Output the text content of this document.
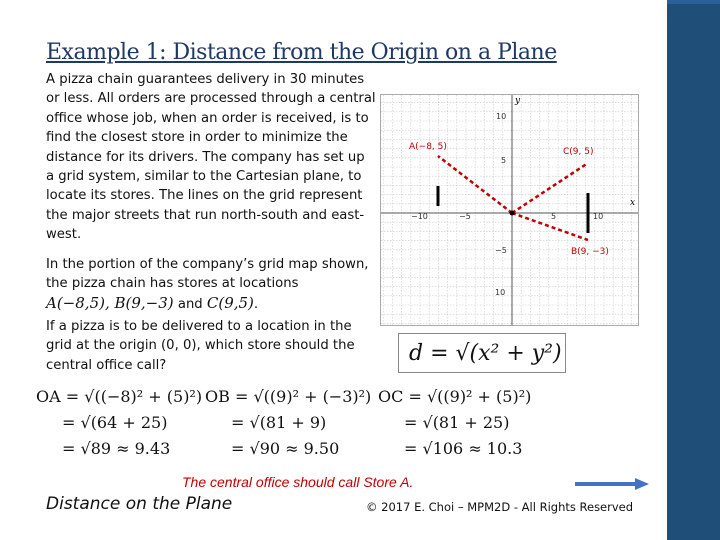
Example 1: Distance from the Origin on a Plane
A pizza chain guarantees delivery in 30 minutes or less. All orders are processed through a central office whose job, when an order is received, is to find the closest store in order to minimize the distance for its drivers. The company has set up a grid system, similar to the Cartesian plane, to locate its stores. The lines on the grid represent the major streets that run north-south and east-west.
In the portion of the company’s grid map shown, the pizza chain has stores at locations
A(−8,5), B(9,−3) and C(9,5).
If a pizza is to be delivered to a location in the grid at the origin (0, 0), which store should the central office call?
x
y
−10	−5	5	10
10
5
−5
10
A(−8, 5)	C(9, 5)
B(9, −3)
d = √(x² + y²)
OA = √((−8)² + (5)²)
= √(64 + 25)
= √89 ≈ 9.43
OB = √((9)² + (−3)²)
= √(81 + 9)
= √90 ≈ 9.50
OC = √((9)² + (5)²)
= √(81 + 25)
= √106 ≈ 10.3
The central office should call Store A.
Distance on the Plane	© 2017 E. Choi – MPM2D - All Rights Reserved
